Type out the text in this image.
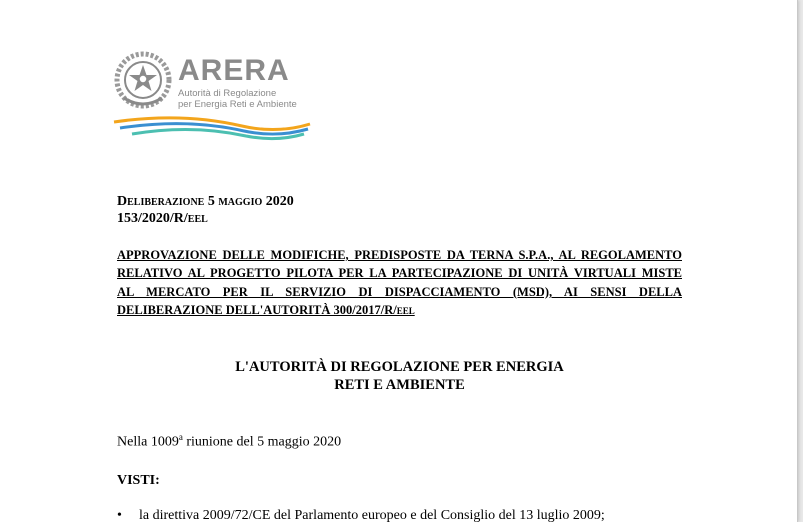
ARERA
Autorità di Regolazione
per Energia Reti e Ambiente
Deliberazione 5 maggio 2020
153/2020/R/eel
APPROVAZIONE DELLE MODIFICHE, PREDISPOSTE DA TERNA S.P.A., AL REGOLAMENTO
RELATIVO AL PROGETTO PILOTA PER LA PARTECIPAZIONE DI UNITÀ VIRTUALI MISTE
AL MERCATO PER IL SERVIZIO DI DISPACCIAMENTO (MSD), AI SENSI DELLA
DELIBERAZIONE DELL'AUTORITÀ 300/2017/R/eel
L'AUTORITÀ DI REGOLAZIONE PER ENERGIA
RETI E AMBIENTE
Nella 1009$^a$ riunione del 5 maggio 2020
VISTI:
• la direttiva 2009/72/CE del Parlamento europeo e del Consiglio del 13 luglio 2009;
